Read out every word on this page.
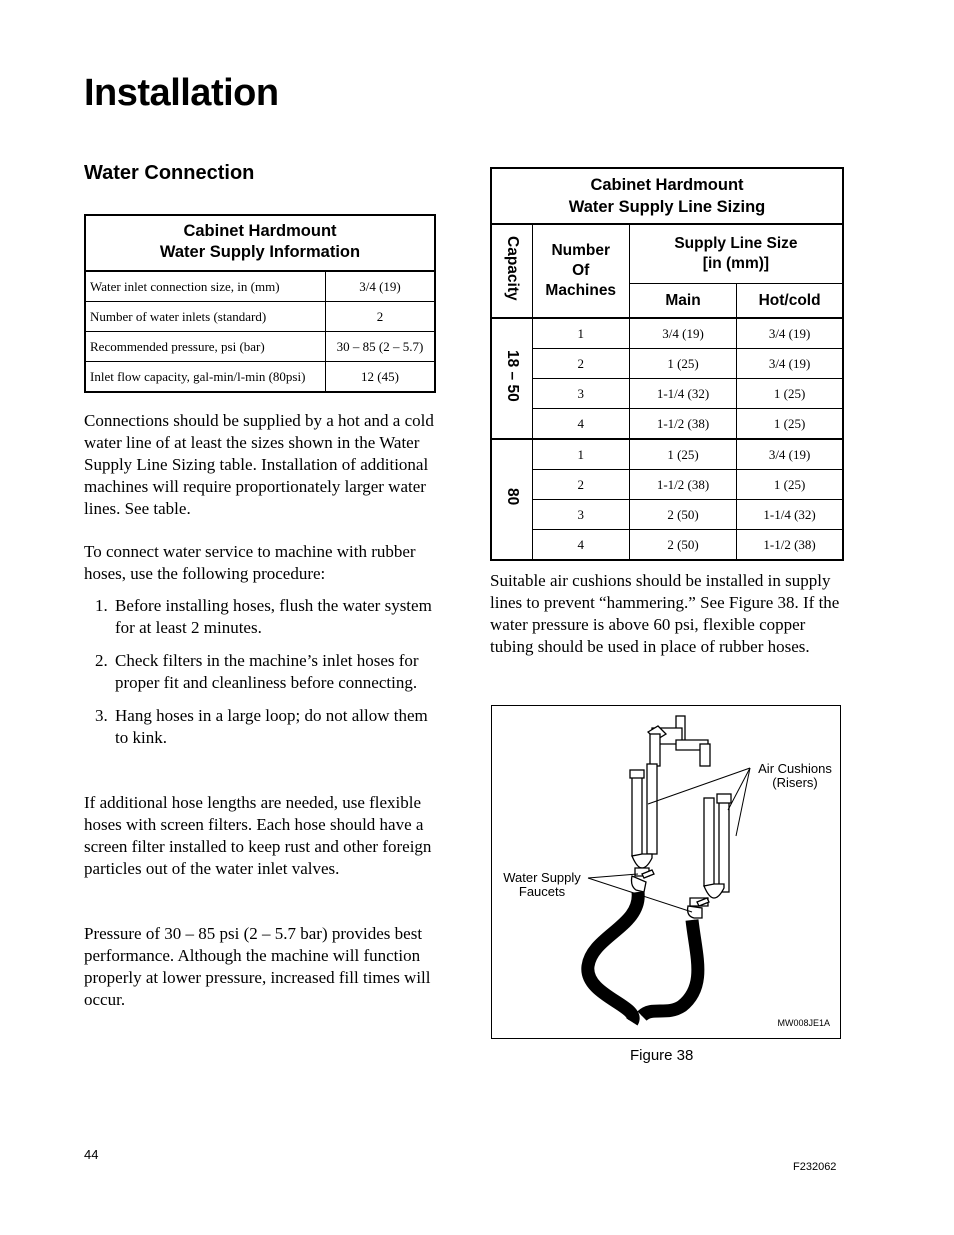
Installation
Water Connection
Cabinet Hardmount
Water Supply Information	
Water inlet connection size, in (mm)	3/4 (19)
Number of water inlets (standard)	2
Recommended pressure, psi (bar)	30 – 85 (2 – 5.7)
Inlet flow capacity, gal-min/l-min (80psi)	12 (45)

Connections should be supplied by a hot and a cold water line of at least the sizes shown in the Water Supply Line Sizing table. Installation of additional machines will require proportionately larger water lines. See table.

To connect water service to machine with rubber hoses, use the following procedure:

1. Before installing hoses, flush the water system for at least 2 minutes.
2. Check filters in the machine’s inlet hoses for proper fit and cleanliness before connecting.
3. Hang hoses in a large loop; do not allow them to kink.

If additional hose lengths are needed, use flexible hoses with screen filters. Each hose should have a screen filter installed to keep rust and other foreign particles out of the water inlet valves.

Pressure of 30 – 85 psi (2 – 5.7 bar) provides best performance. Although the machine will function properly at lower pressure, increased fill times will occur.

Cabinet Hardmount
Water Supply Line Sizing			
Capacity	Number
Of
Machines	Supply Line Size
[in (mm)]	
		Main	Hot/cold
18 – 50	1	3/4 (19)	3/4 (19)
	2	1 (25)	3/4 (19)
	3	1-1/4 (32)	1 (25)
	4	1-1/2 (38)	1 (25)
80	1	1 (25)	3/4 (19)
	2	1-1/2 (38)	1 (25)
	3	2 (50)	1-1/4 (32)
	4	2 (50)	1-1/2 (38)

Suitable air cushions should be installed in supply lines to prevent “hammering.” See Figure 38. If the water pressure is above 60 psi, flexible copper tubing should be used in place of rubber hoses.

Air Cushions
(Risers)
Water Supply
Faucets
MW008JE1A
Figure 38
44
F232062
